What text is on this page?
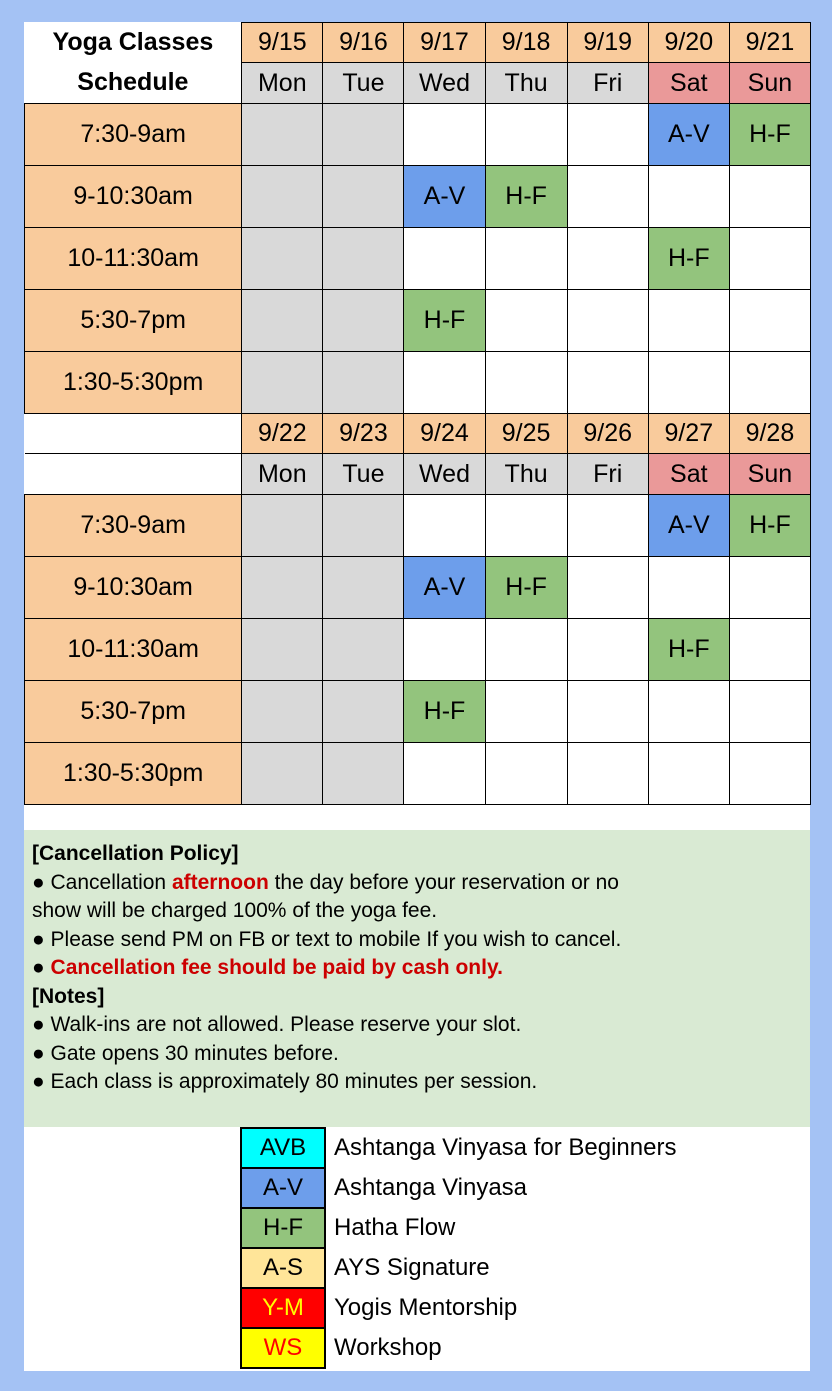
Yoga Classes	9/15	9/16	9/17	9/18	9/19	9/20	9/21
Schedule	Mon	Tue	Wed	Thu	Fri	Sat	Sun
7:30-9am						A-V	H-F
9-10:30am			A-V	H-F			
10-11:30am						H-F	
5:30-7pm			H-F				
1:30-5:30pm							
	9/22	9/23	9/24	9/25	9/26	9/27	9/28
	Mon	Tue	Wed	Thu	Fri	Sat	Sun
7:30-9am						A-V	H-F
9-10:30am			A-V	H-F			
10-11:30am						H-F	
5:30-7pm			H-F				
1:30-5:30pm							
[Cancellation Policy]
● Cancellation afternoon the day before your reservation or no
show will be charged 100% of the yoga fee.
● Please send PM on FB or text to mobile If you wish to cancel.
● Cancellation fee should be paid by cash only.
[Notes]
● Walk-ins are not allowed. Please reserve your slot.
● Gate opens 30 minutes before.
● Each class is approximately 80 minutes per session.
AVB	Ashtanga Vinyasa for Beginners
A-V	Ashtanga Vinyasa
H-F	Hatha Flow
A-S	AYS Signature
Y-M	Yogis Mentorship
WS	Workshop
